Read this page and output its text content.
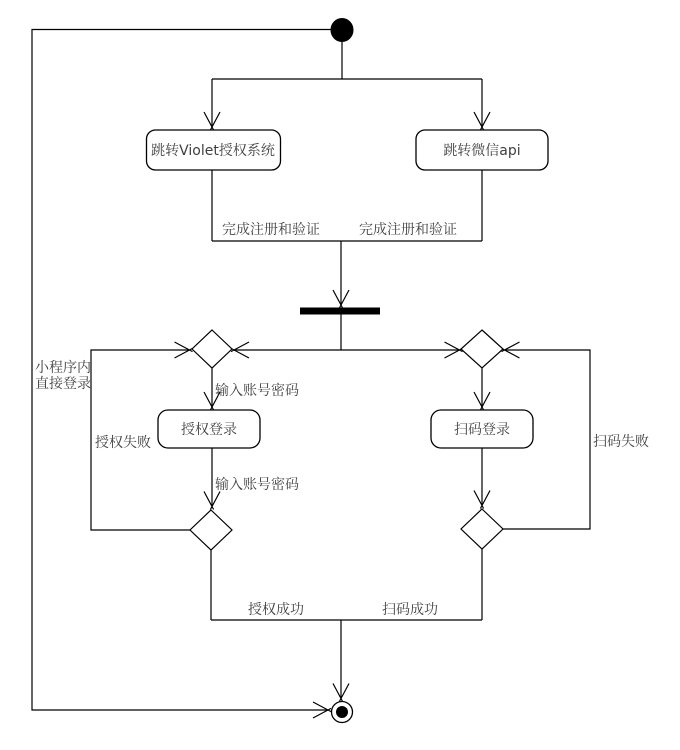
跳转Violet授权系统	跳转微信api
授权登录	扫码登录
完成注册和验证	完成注册和验证
输入账号密码
输入账号密码
小程序内
直接登录
授权失败	扫码失败
授权成功	扫码成功
